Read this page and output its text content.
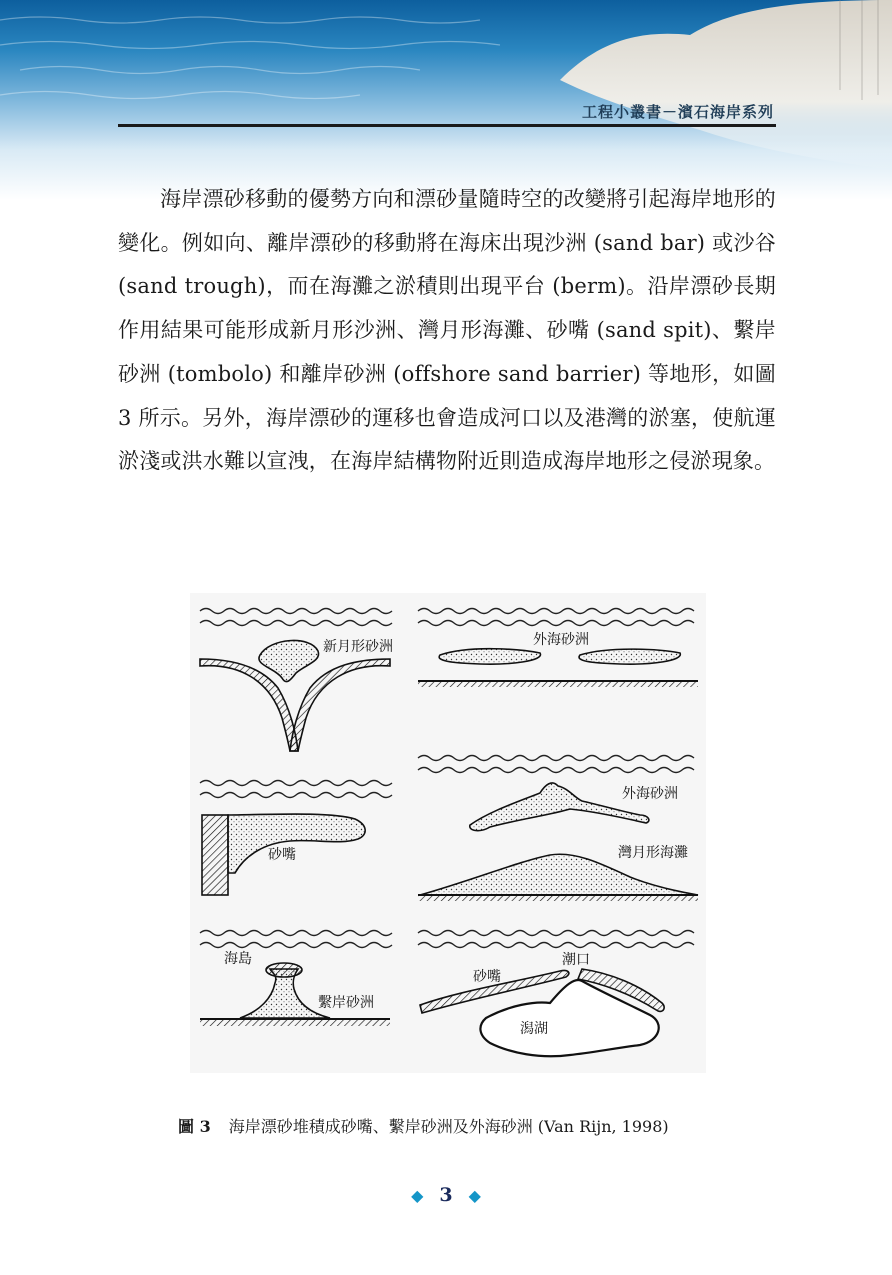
工程小叢書－濱石海岸系列

海岸漂砂移動的優勢方向和漂砂量隨時空的改變將引起海岸地形的變化。例如向、離岸漂砂的移動將在海床出現沙洲 (sand bar) 或沙谷 (sand trough)，而在海灘之淤積則出現平台 (berm)。沿岸漂砂長期作用結果可能形成新月形沙洲、灣月形海灘、砂嘴 (sand spit)、繫岸砂洲 (tombolo) 和離岸砂洲 (offshore sand barrier) 等地形，如圖 3 所示。另外，海岸漂砂的運移也會造成河口以及港灣的淤塞，使航運淤淺或洪水難以宣洩，在海岸結構物附近則造成海岸地形之侵淤現象。

新月形砂洲	外海砂洲
砂嘴
外海砂洲
灣月形海灘
海島
繫岸砂洲
砂嘴
潮口
潟湖
圖 3 海岸漂砂堆積成砂嘴、繫岸砂洲及外海砂洲 (Van Rijn, 1998)
◆ 3 ◆
